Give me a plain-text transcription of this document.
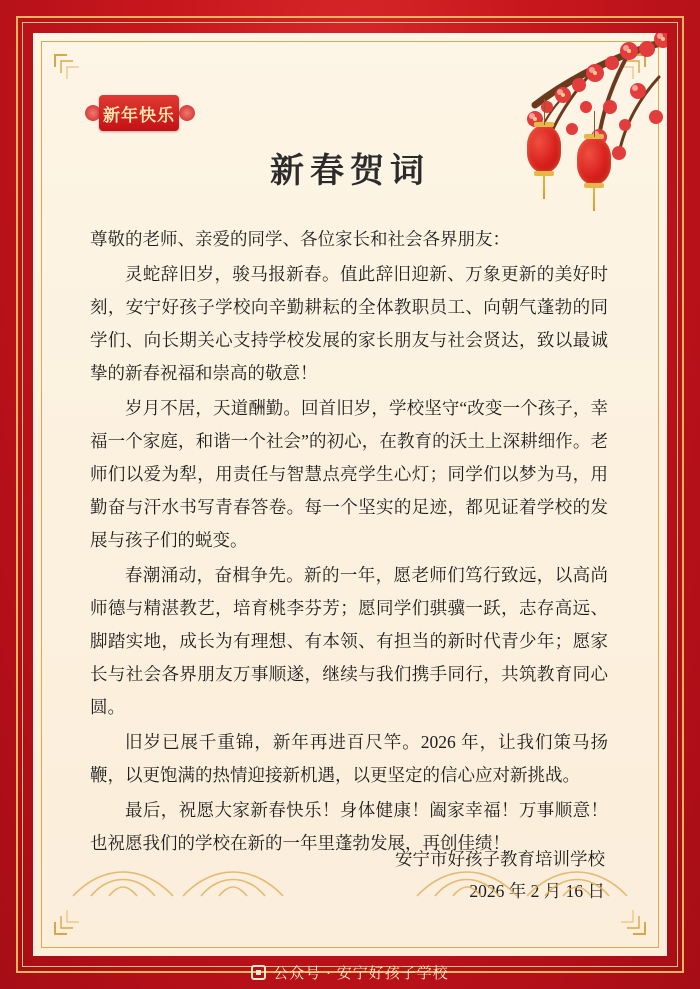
新年快乐
新春贺词

尊敬的老师、亲爱的同学、各位家长和社会各界朋友：

灵蛇辞旧岁，骏马报新春。值此辞旧迎新、万象更新的美好时刻，安宁好孩子学校向辛勤耕耘的全体教职员工、向朝气蓬勃的同学们、向长期关心支持学校发展的家长朋友与社会贤达，致以最诚挚的新春祝福和崇高的敬意！

岁月不居，天道酬勤。回首旧岁，学校坚守“改变一个孩子，幸福一个家庭，和谐一个社会”的初心，在教育的沃土上深耕细作。老师们以爱为犁，用责任与智慧点亮学生心灯；同学们以梦为马，用勤奋与汗水书写青春答卷。每一个坚实的足迹，都见证着学校的发展与孩子们的蜕变。

春潮涌动，奋楫争先。新的一年，愿老师们笃行致远，以高尚师德与精湛教艺，培育桃李芬芳；愿同学们骐骥一跃，志存高远、脚踏实地，成长为有理想、有本领、有担当的新时代青少年；愿家长与社会各界朋友万事顺遂，继续与我们携手同行，共筑教育同心圆。

旧岁已展千重锦，新年再进百尺竿。2026 年，让我们策马扬鞭，以更饱满的热情迎接新机遇，以更坚定的信心应对新挑战。

最后，祝愿大家新春快乐！身体健康！阖家幸福！万事顺意！也祝愿我们的学校在新的一年里蓬勃发展，再创佳绩！

安宁市好孩子教育培训学校
2026 年 2 月 16 日
公众号 · 安宁好孩子学校
